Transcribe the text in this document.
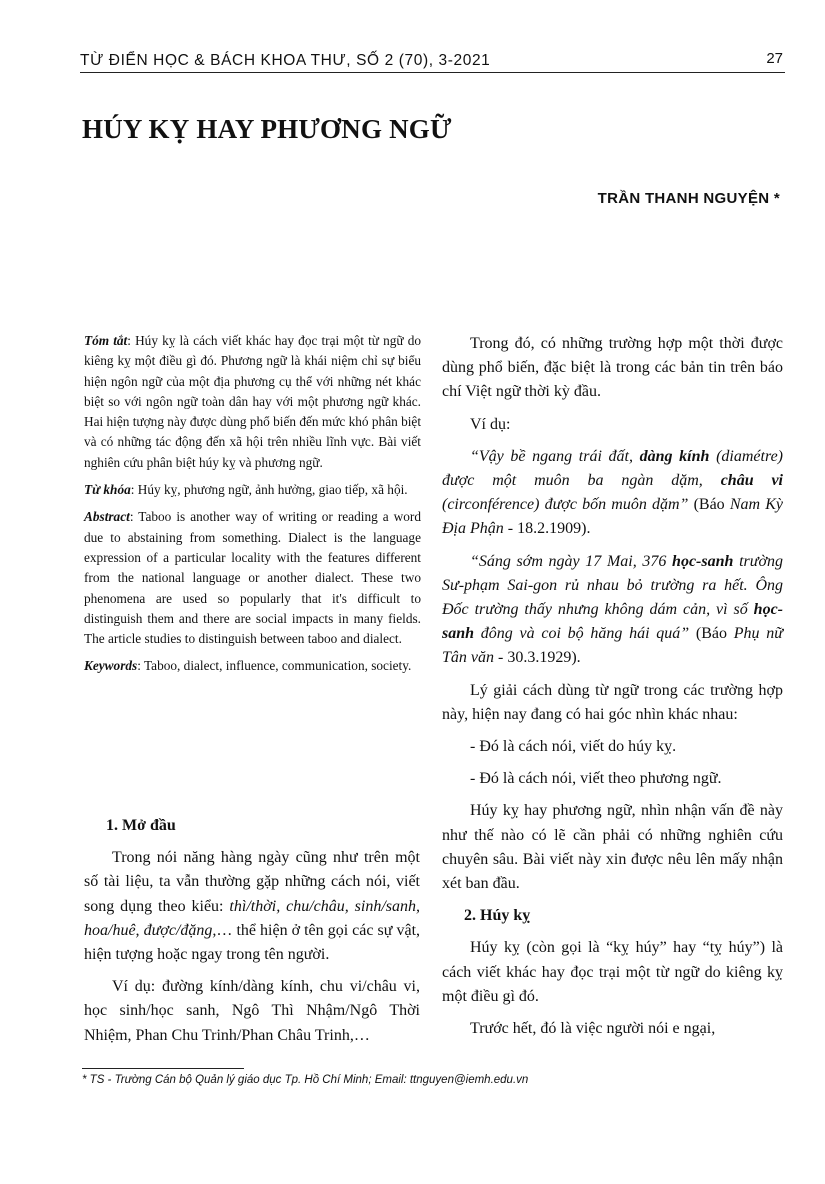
TỪ ĐIỂN HỌC & BÁCH KHOA THƯ, SỐ 2 (70), 3-2021	27
HÚY KỴ HAY PHƯƠNG NGỮ
TRẦN THANH NGUYỆN *

Tóm tắt: Húy kỵ là cách viết khác hay đọc trại một từ ngữ do kiêng kỵ một điều gì đó. Phương ngữ là khái niệm chỉ sự biểu hiện ngôn ngữ của một địa phương cụ thể với những nét khác biệt so với ngôn ngữ toàn dân hay với một phương ngữ khác. Hai hiện tượng này được dùng phổ biến đến mức khó phân biệt và có những tác động đến xã hội trên nhiều lĩnh vực. Bài viết nghiên cứu phân biệt húy kỵ và phương ngữ.

Từ khóa: Húy kỵ, phương ngữ, ảnh hưởng, giao tiếp, xã hội.

Abstract: Taboo is another way of writing or reading a word due to abstaining from something. Dialect is the language expression of a particular locality with the features different from the national language or another dialect. These two phenomena are used so popularly that it's difficult to distinguish them and there are social impacts in many fields. The article studies to distinguish between taboo and dialect.

Keywords: Taboo, dialect, influence, communication, society.

1. Mở đầu

Trong nói năng hàng ngày cũng như trên một số tài liệu, ta vẫn thường gặp những cách nói, viết song dụng theo kiểu: thì/thời, chu/châu, sinh/sanh, hoa/huê, được/đặng,… thể hiện ở tên gọi các sự vật, hiện tượng hoặc ngay trong tên người.

Ví dụ: đường kính/dàng kính, chu vi/châu vi, học sinh/học sanh, Ngô Thì Nhậm/Ngô Thời Nhiệm, Phan Chu Trinh/Phan Châu Trinh,…

Trong đó, có những trường hợp một thời được dùng phổ biến, đặc biệt là trong các bản tin trên báo chí Việt ngữ thời kỳ đầu.

Ví dụ:

“Vậy bề ngang trái đất, dàng kính (diamétre) được một muôn ba ngàn dặm, châu vi (circonférence) được bốn muôn dặm” (Báo Nam Kỳ Địa Phận - 18.2.1909).

“Sáng sớm ngày 17 Mai, 376 học-sanh trường Sư-phạm Sai-gon rủ nhau bỏ trường ra hết. Ông Đốc trường thấy nhưng không dám cản, vì số học-sanh đông và coi bộ hăng hái quá” (Báo Phụ nữ Tân văn - 30.3.1929).

Lý giải cách dùng từ ngữ trong các trường hợp này, hiện nay đang có hai góc nhìn khác nhau:

- Đó là cách nói, viết do húy kỵ.

- Đó là cách nói, viết theo phương ngữ.

Húy kỵ hay phương ngữ, nhìn nhận vấn đề này như thế nào có lẽ cần phải có những nghiên cứu chuyên sâu. Bài viết này xin được nêu lên mấy nhận xét ban đầu.

2. Húy kỵ

Húy kỵ (còn gọi là “kỵ húy” hay “tỵ húy”) là cách viết khác hay đọc trại một từ ngữ do kiêng kỵ một điều gì đó.

Trước hết, đó là việc người nói e ngại,

* TS - Trường Cán bộ Quản lý giáo dục Tp. Hồ Chí Minh; Email: ttnguyen@iemh.edu.vn
